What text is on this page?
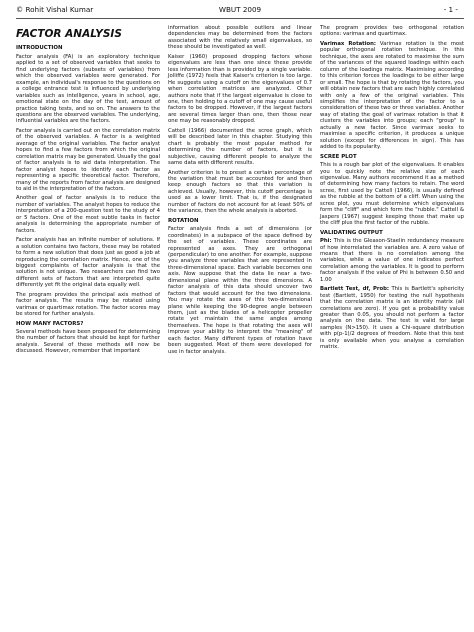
© Rohit Vishal Kumar	WBUT 2009	- 1 -
FACTOR ANALYSIS
INTRODUCTION

Factor analysis (FA) is an exploratory technique applied to a set of observed variables that seeks to find underlying factors (subsets of variables) from which the observed variables were generated. For example, an individual's response to the questions on a college entrance test is influenced by underlying variables such as intelligence, years in school, age, emotional state on the day of the test, amount of practice taking tests, and so on. The answers to the questions are the observed variables. The underlying, influential variables are the factors.

Factor analysis is carried out on the correlation matrix of the observed variables. A factor is a weighted average of the original variables. The factor analyst hopes to find a few factors from which the original correlation matrix may be generated. Usually the goal of factor analysis is to aid data interpretation. The factor analyst hopes to identify each factor as representing a specific theoretical factor. Therefore, many of the reports from factor analysis are designed to aid in the interpretation of the factors.

Another goal of factor analysis is to reduce the number of variables. The analyst hopes to reduce the interpretation of a 200-question test to the study of 4 or 5 factors. One of the most subtle tasks in factor analysis is determining the appropriate number of factors.

Factor analysis has an infinite number of solutions. If a solution contains two factors, these may be rotated to form a new solution that does just as good a job at reproducing the correlation matrix. Hence, one of the biggest complaints of factor analysis is that the solution is not unique. Two researchers can find two different sets of factors that are interpreted quite differently yet fit the original data equally well.

The program provides the principal axis method of factor analysis. The results may be rotated using varimax or quartimax rotation. The factor scores may be stored for further analysis.

HOW MANY FACTORS?

Several methods have been proposed for determining the number of factors that should be kept for further analysis. Several of these methods will now be discussed. However, remember that important

information about possible outliers and linear dependencies may be determined from the factors associated with the relatively small eigenvalues, so these should be investigated as well.

Kaiser (1960) proposed dropping factors whose eigenvalues are less than one since these provide less information than is provided by a single variable. Jolliffe (1972) feels that Kaiser's criterion is too large. He suggests using a cutoff on the eigenvalues of 0.7 when correlation matrices are analyzed. Other authors note that if the largest eigenvalue is close to one, then holding to a cutoff of one may cause useful factors to be dropped. However, if the largest factors are several times larger than one, then those near one may be reasonably dropped.

Cattell (1966) documented the scree graph, which will be described later in this chapter. Studying this chart is probably the most popular method for determining the number of factors, but it is subjective, causing different people to analyze the same data with different results.

Another criterion is to preset a certain percentage of the variation that must be accounted for and then keep enough factors so that this variation is achieved. Usually, however, this cutoff percentage is used as a lower limit. That is, if the designated number of factors do not account for at least 50% of the variance, then the whole analysis is aborted.

ROTATION

Factor analysis finds a set of dimensions (or coordinates) in a subspace of the space defined by the set of variables. These coordinates are represented as axes. They are orthogonal (perpendicular) to one another. For example, suppose you analyze three variables that are represented in three-dimensional space. Each variable becomes one axis. Now suppose that the data lie near a two-dimensional plane within the three dimensions. A factor analysis of this data should uncover two factors that would account for the two dimensions. You may rotate the axes of this two-dimensional plane while keeping the 90-degree angle between them, just as the blades of a helicopter propeller rotate yet maintain the same angles among themselves. The hope is that rotating the axes will improve your ability to interpret the "meaning" of each factor. Many different types of rotation have been suggested. Most of them were developed for use in factor analysis.

The program provides two orthogonal rotation options: varimax and quartimax.

Varimax Rotation: Varimax rotation is the most popular orthogonal rotation technique. In this technique, the axes are rotated to maximise the sum of the variances of the squared loadings within each column of the loadings matrix. Maximising according to this criterion forces the loadings to be either large or small. The hope is that by rotating the factors, you will obtain new factors that are each highly correlated with only a few of the original variables. This simplifies the interpretation of the factor to a consideration of these two or three variables. Another way of stating the goal of varimax rotation is that it clusters the variables into groups; each "group" is actually a new factor. Since varimax seeks to maximise a specific criterion, it produces a unique solution (except for differences in sign). This has added to its popularity.

SCREE PLOT

This is a rough bar plot of the eigenvalues. It enables you to quickly note the relative size of each eigenvalue. Many authors recommend it as a method of determining how many factors to retain. The word scree, first used by Cattell (1966), is usually defined as the rubble at the bottom of a cliff. When using the scree plot, you must determine which eigenvalues form the "cliff" and which form the "rubble." Cattell & Jaspers (1967) suggest keeping those that make up the cliff plus the first factor of the rubble.

VALIDATING OUTPUT

Phi: This is the Gleason-Staelin redundancy measure of how interrelated the variables are. A zero value of means that there is no correlation among the variables, while a value of one indicates perfect correlation among the variables. It is good to perform factor analysis if the value of Phi is between 0.50 and 1.00

Bartlett Test, df, Prob: This is Bartlett's sphericity test (Bartlett, 1950) for testing the null hypothesis that the correlation matrix is an identity matrix (all correlations are zero). If you get a probability value greater than 0.05, you should not perform a factor analysis on the data. The test is valid for large samples (N>150). It uses a Chi-square distribution with p(p-1)/2 degrees of freedom. Note that this test is only available when you analyse a correlation matrix.
